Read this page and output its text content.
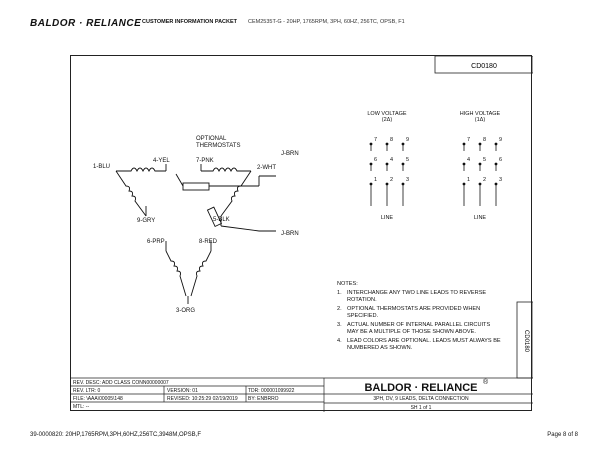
BALDOR · RELIANCE CUSTOMER INFORMATION PACKET CEM2535T-G - 20HP, 1765RPM, 3PH, 60HZ, 256TC, OPSB, F1
CD0180
CD0180
OPTIONAL
THERMOSTATS
1-BLU
4-YEL	7-PNK
2-WHT
9-GRY	5-BLK
6-PRP	8-RED
3-ORG
J-BRN
J-BRN
LOW VOLTAGE
(2Δ)
LINE
HIGH VOLTAGE
(1Δ)
LINE
7 8 9
6 4 5
1 2 3
7 8 9
4 5 6
1 2 3
NOTES:
1. INTERCHANGE ANY TWO LINE LEADS TO REVERSE
ROTATION.
2. OPTIONAL THERMOSTATS ARE PROVIDED WHEN
SPECIFIED.
3. ACTUAL NUMBER OF INTERNAL PARALLEL CIRCUITS
MAY BE A MULTIPLE OF THOSE SHOWN ABOVE.
4. LEAD COLORS ARE OPTIONAL. LEADS MUST ALWAYS BE
NUMBERED AS SHOWN.
REV. DESC: ADD CLASS CONN00000007
REV. LTR: 0	VERSION: 01	TDR: 000001099922
FILE: \AAA\00005\148	REVISED: 10:25:29 02/19/2019 BY: ENBRRO
MTL: --
BALDOR · RELIANCE ®
3PH, DV, 9 LEADS, DELTA CONNECTION
SH 1 of 1
39-0000820: 20HP,1765RPM,3PH,60HZ,256TC,3948M,OPSB,F	Page 8 of 8
